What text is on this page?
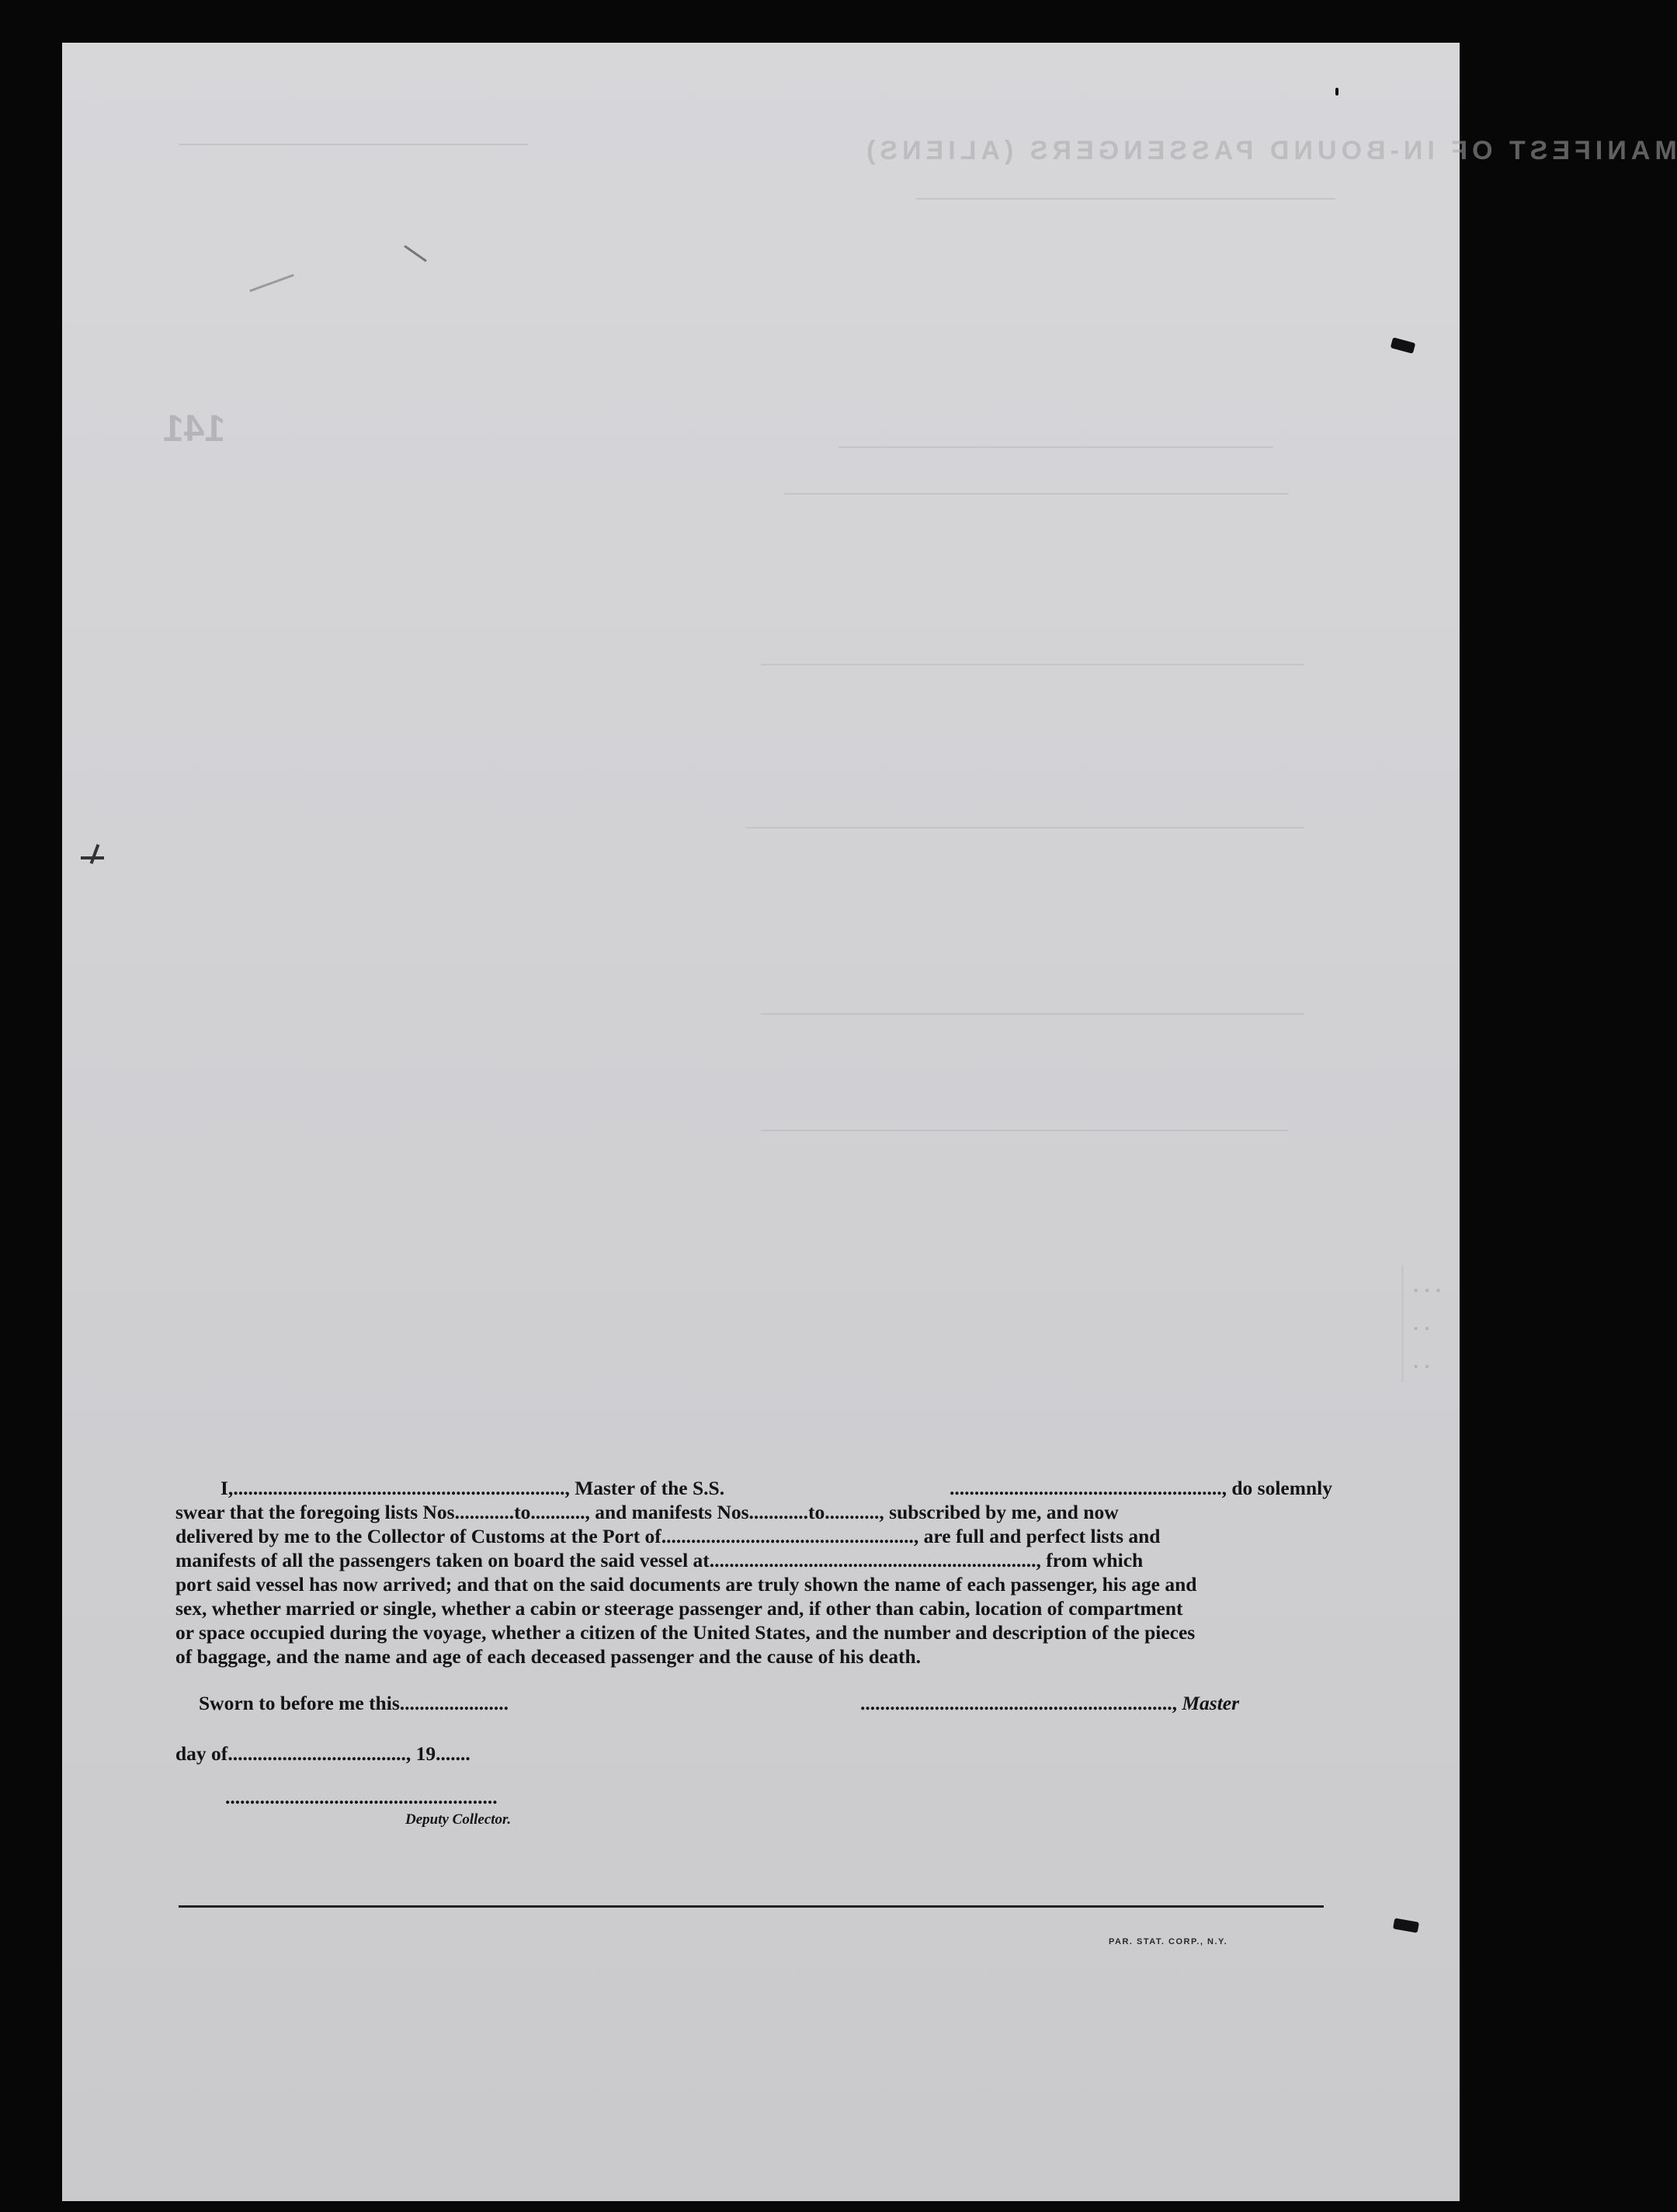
MANIFEST OF IN-BOUND PASSENGERS (ALIENS)
141
. . .
. .
. .

I, ..................................................................., Master of the S.S.	......................................................., do solemnly

swear that the foregoing lists Nos............to..........., and manifests Nos............to..........., subscribed by me, and now

delivered by me to the Collector of Customs at the Port of..................................................., are full and perfect lists and

manifests of all the passengers taken on board the said vessel at.................................................................., from which

port said vessel has now arrived; and that on the said documents are truly shown the name of each passenger, his age and

sex, whether married or single, whether a cabin or steerage passenger and, if other than cabin, location of compartment

or space occupied during the voyage, whether a citizen of the United States, and the number and description of the pieces

of baggage, and the name and age of each deceased passenger and the cause of his death.

Sworn to before me this......................	..............................................................., Master
day of...................................., 19.......
.......................................................
Deputy Collector.
PAR. STAT. CORP., N.Y.
